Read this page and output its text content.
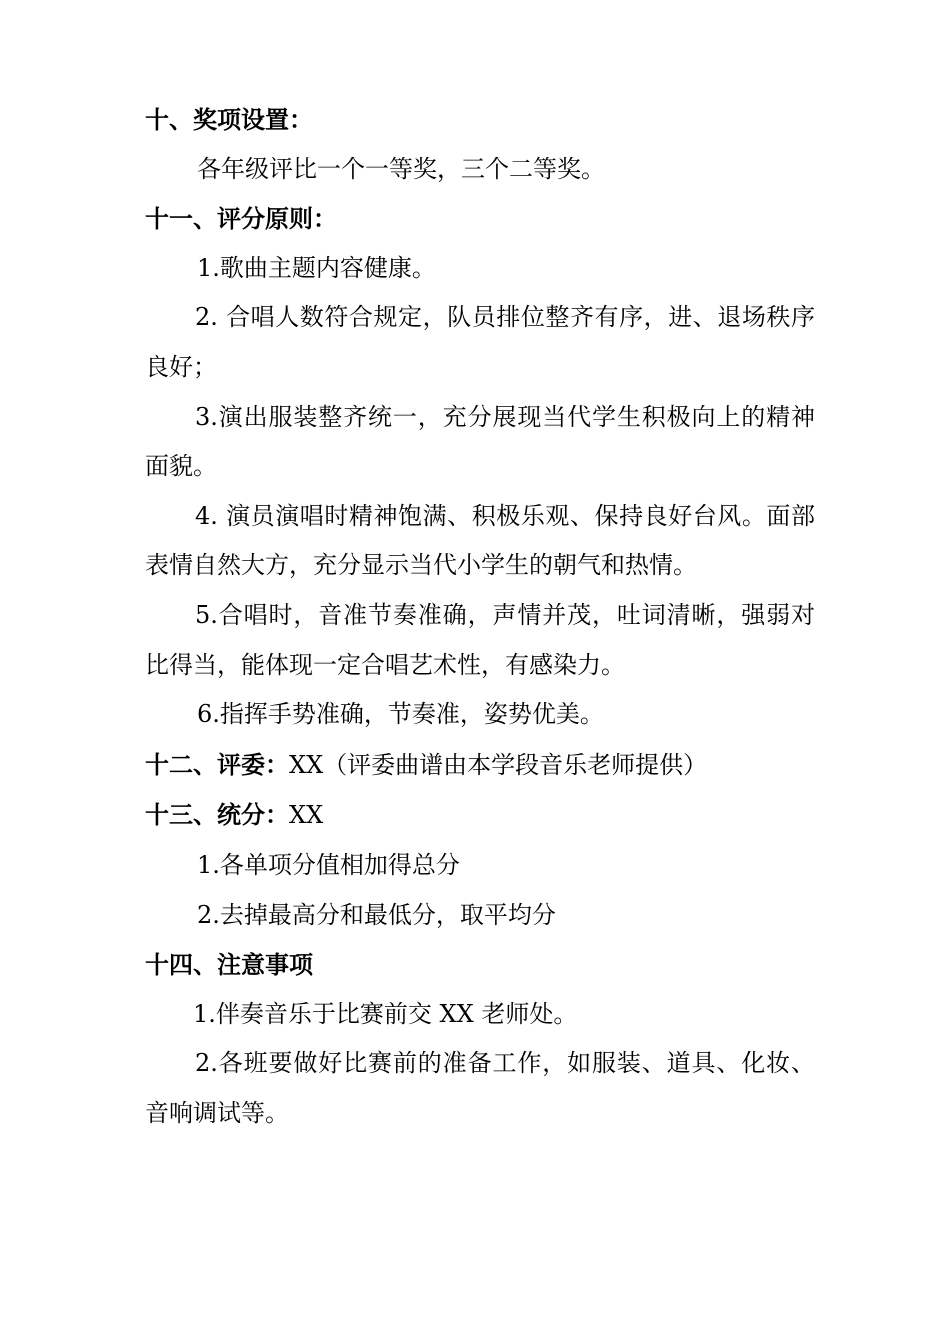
十、奖项设置：
各年级评比一个一等奖，三个二等奖。
十一、评分原则：
1.歌曲主题内容健康。
2. 合唱人数符合规定，队员排位整齐有序，进、退场秩序良好；
3.演出服装整齐统一，充分展现当代学生积极向上的精神面貌。
4. 演员演唱时精神饱满、积极乐观、保持良好台风。面部表情自然大方，充分显示当代小学生的朝气和热情。
5.合唱时，音准节奏准确，声情并茂，吐词清晰，强弱对比得当，能体现一定合唱艺术性，有感染力。
6.指挥手势准确，节奏准，姿势优美。
十二、评委：XX（评委曲谱由本学段音乐老师提供）
十三、统分：XX
1.各单项分值相加得总分
2.去掉最高分和最低分，取平均分
十四、注意事项
1.伴奏音乐于比赛前交 XX 老师处。
2.各班要做好比赛前的准备工作，如服装、道具、化妆、音响调试等。
